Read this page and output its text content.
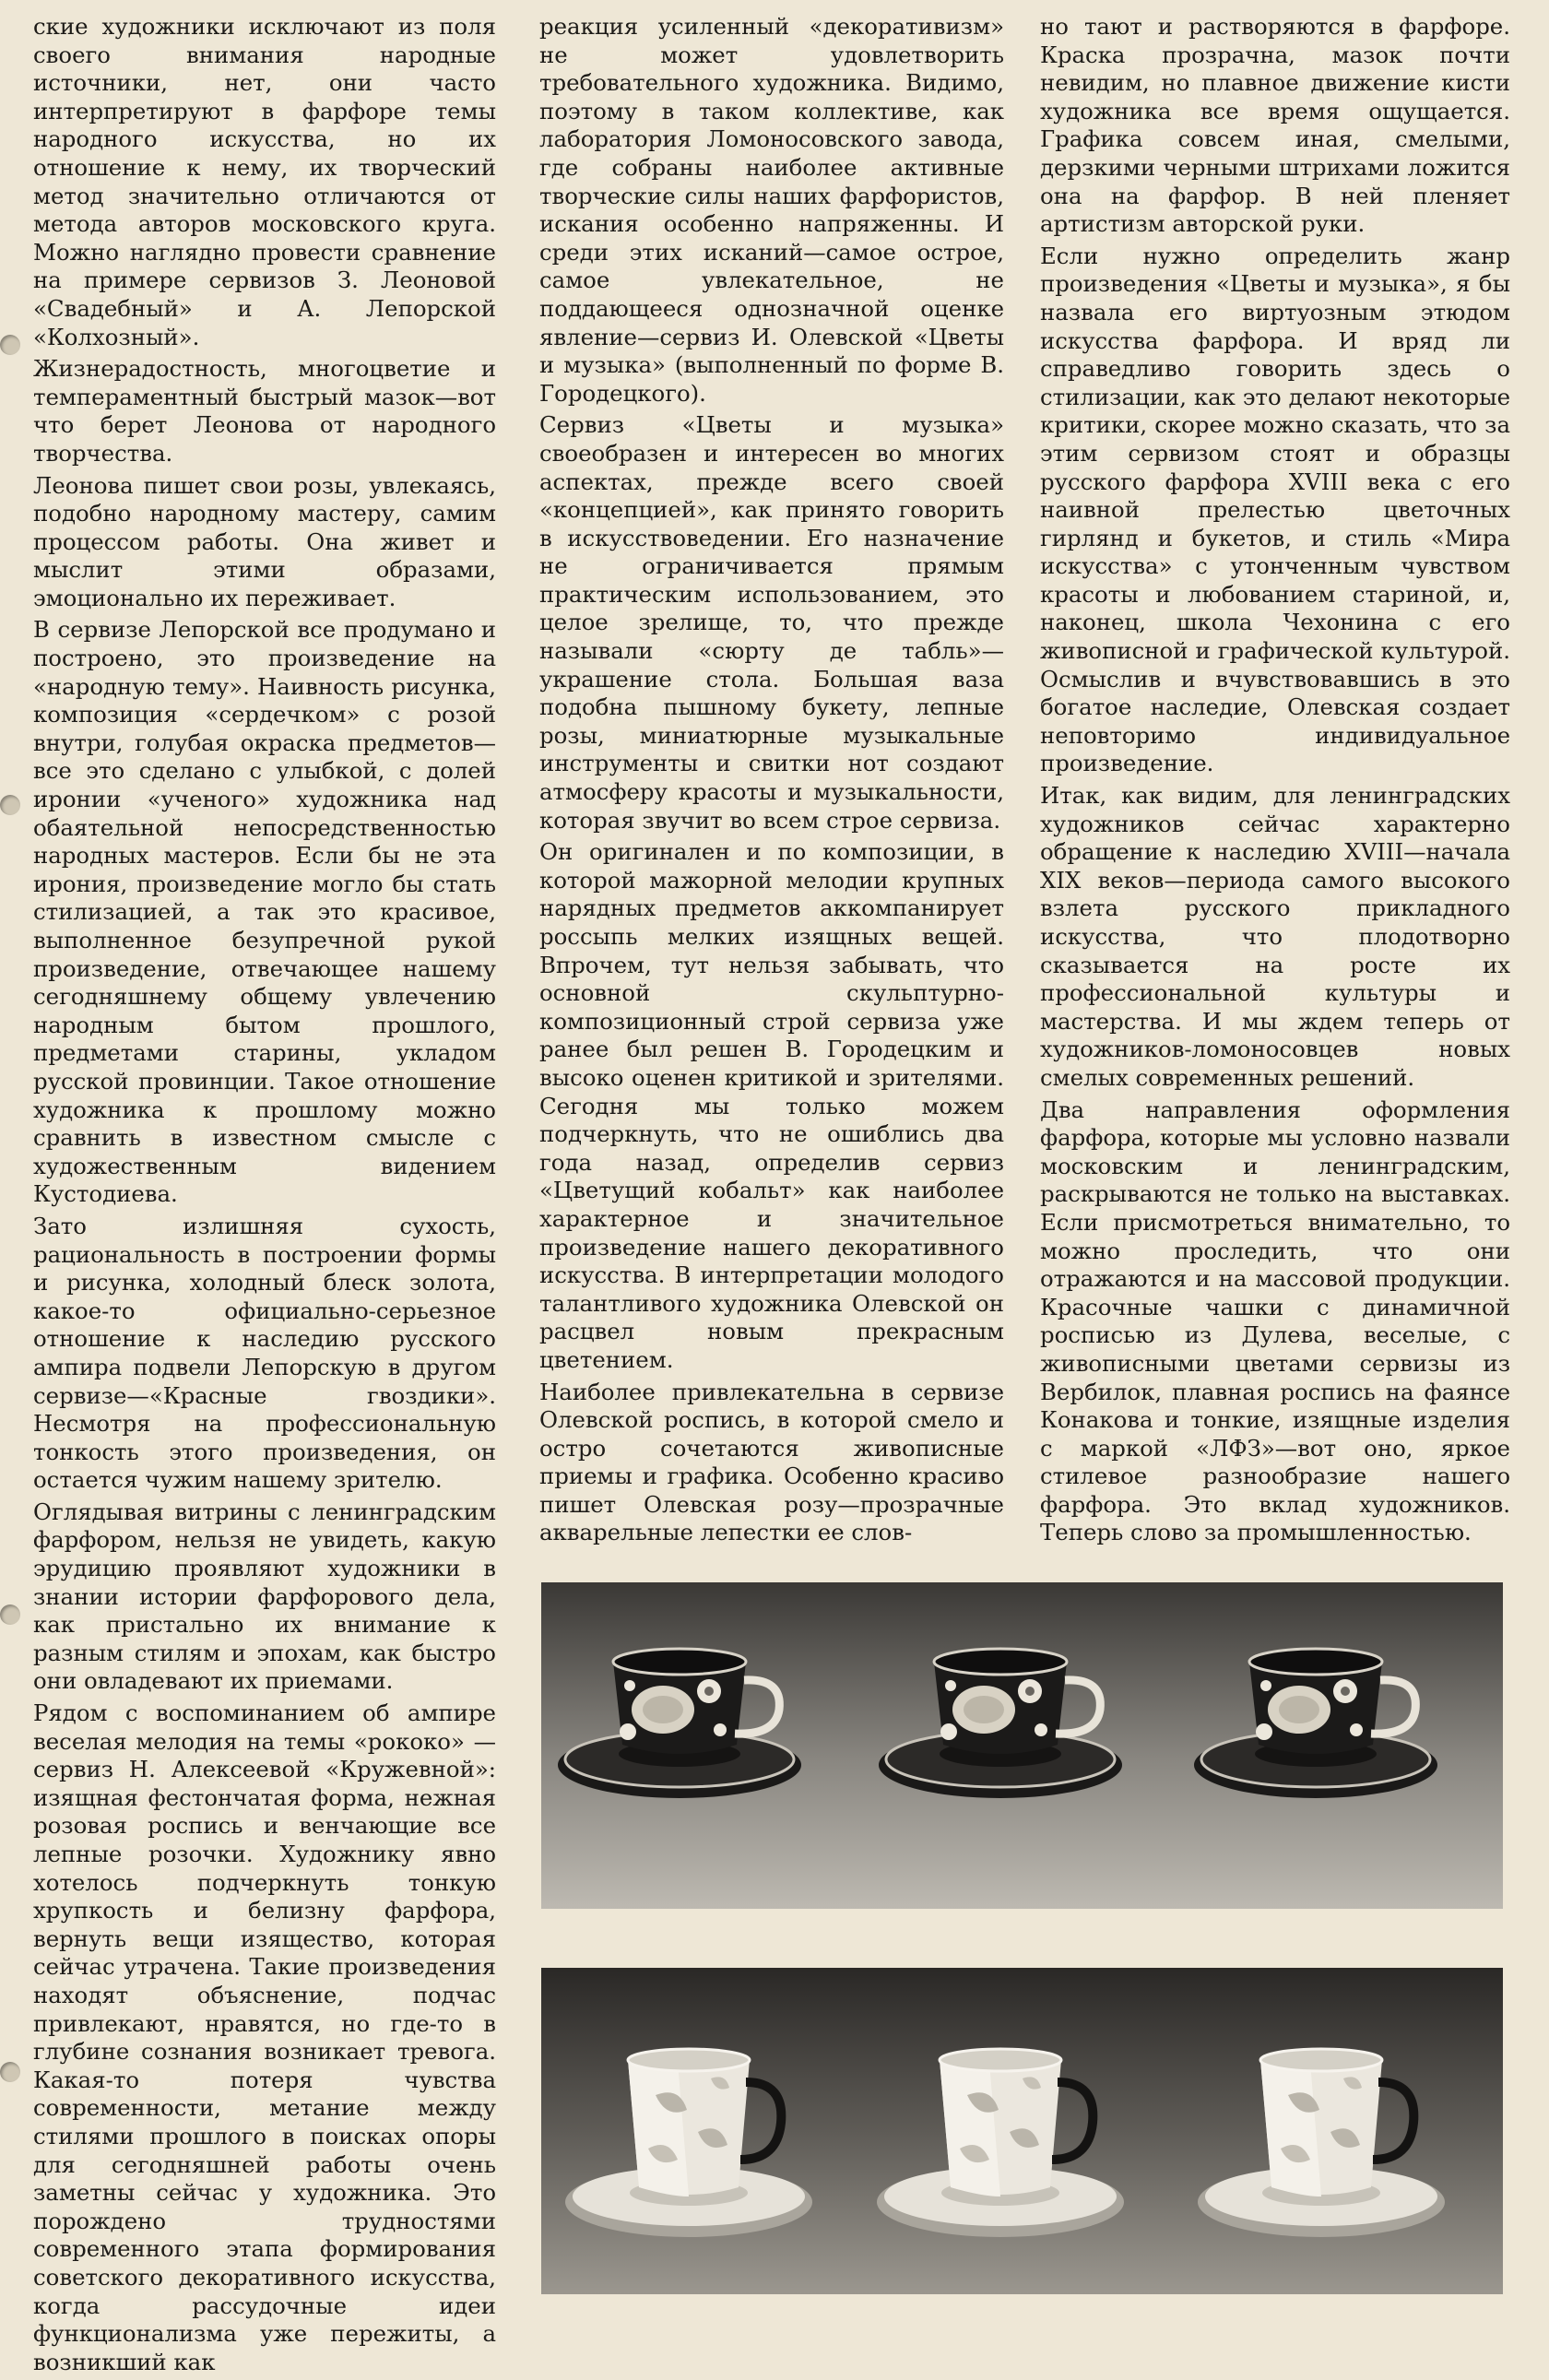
ские художники исключают из поля своего внимания народные источники, нет, они часто интерпретируют в фарфоре темы народного искусства, но их отношение к нему, их творческий метод значительно отличаются от метода авторов московского круга. Можно наглядно провести сравнение на примере сервизов З. Леоновой «Свадебный» и А. Лепорской «Колхозный».

Жизнерадостность, многоцветие и темпераментный быстрый мазок—вот что берет Леонова от народного творчества.

Леонова пишет свои розы, увлекаясь, подобно народному мастеру, самим процессом работы. Она живет и мыслит этими образами, эмоционально их переживает.

В сервизе Лепорской все продумано и построено, это произведение на «народную тему». Наивность рисунка, композиция «сердечком» с розой внутри, голубая окраска предметов—все это сделано с улыбкой, с долей иронии «ученого» художника над обаятельной непосредственностью народных мастеров. Если бы не эта ирония, произведение могло бы стать стилизацией, а так это красивое, выполненное безупречной рукой произведение, отвечающее нашему сегодняшнему общему увлечению народным бытом прошлого, предметами старины, укладом русской провинции. Такое отношение художника к прошлому можно сравнить в известном смысле с художественным видением Кустодиева.

Зато излишняя сухость, рациональность в построении формы и рисунка, холодный блеск золота, какое-то официально-серьезное отношение к наследию русского ампира подвели Лепорскую в другом сервизе—«Красные гвоздики». Несмотря на профессиональную тонкость этого произведения, он остается чужим нашему зрителю.

Оглядывая витрины с ленинградским фарфором, нельзя не увидеть, какую эрудицию проявляют художники в знании истории фарфорового дела, как пристально их внимание к разным стилям и эпохам, как быстро они овладевают их приемами.

Рядом с воспоминанием об ампире веселая мелодия на темы «рококо» — сервиз Н. Алексеевой «Кружевной»: изящная фестончатая форма, нежная розовая роспись и венчающие все лепные розочки. Художнику явно хотелось подчеркнуть тонкую хрупкость и белизну фарфора, вернуть вещи изящество, которая сейчас утрачена. Такие произведения находят объяснение, подчас привлекают, нравятся, но где-то в глубине сознания возникает тревога. Какая-то потеря чувства современности, метание между стилями прошлого в поисках опоры для сегодняшней работы очень заметны сейчас у художника. Это порождено трудностями современного этапа формирования советского декоративного искусства, когда рассудочные идеи функционализма уже пережиты, а возникший как

реакция усиленный «декоративизм» не может удовлетворить требовательного художника. Видимо, поэтому в таком коллективе, как лаборатория Ломоносовского завода, где собраны наиболее активные творческие силы наших фарфористов, искания особенно напряженны. И среди этих исканий—самое острое, самое увлекательное, не поддающееся однозначной оценке явление—сервиз И. Олевской «Цветы и музыка» (выполненный по форме В. Городецкого).

Сервиз «Цветы и музыка» своеобразен и интересен во многих аспектах, прежде всего своей «концепцией», как принято говорить в искусствоведении. Его назначение не ограничивается прямым практическим использованием, это целое зрелище, то, что прежде называли «сюрту де табль»—украшение стола. Большая ваза подобна пышному букету, лепные розы, миниатюрные музыкальные инструменты и свитки нот создают атмосферу красоты и музыкальности, которая звучит во всем строе сервиза.

Он оригинален и по композиции, в которой мажорной мелодии крупных нарядных предметов аккомпанирует россыпь мелких изящных вещей. Впрочем, тут нельзя забывать, что основной скульптурно-композиционный строй сервиза уже ранее был решен В. Городецким и высоко оценен критикой и зрителями. Сегодня мы только можем подчеркнуть, что не ошиблись два года назад, определив сервиз «Цветущий кобальт» как наиболее характерное и значительное произведение нашего декоративного искусства. В интерпретации молодого талантливого художника Олевской он расцвел новым прекрасным цветением.

Наиболее привлекательна в сервизе Олевской роспись, в которой смело и остро сочетаются живописные приемы и графика. Особенно красиво пишет Олевская розу—прозрачные акварельные лепестки ее слов-

но тают и растворяются в фарфоре. Краска прозрачна, мазок почти невидим, но плавное движение кисти художника все время ощущается. Графика совсем иная, смелыми, дерзкими черными штрихами ложится она на фарфор. В ней пленяет артистизм авторской руки.

Если нужно определить жанр произведения «Цветы и музыка», я бы назвала его виртуозным этюдом искусства фарфора. И вряд ли справедливо говорить здесь о стилизации, как это делают некоторые критики, скорее можно сказать, что за этим сервизом стоят и образцы русского фарфора XVIII века с его наивной прелестью цветочных гирлянд и букетов, и стиль «Мира искусства» с утонченным чувством красоты и любованием стариной, и, наконец, школа Чехонина с его живописной и графической культурой. Осмыслив и вчувствовавшись в это богатое наследие, Олевская создает неповторимо индивидуальное произведение.

Итак, как видим, для ленинградских художников сейчас характерно обращение к наследию XVIII—начала XIX веков—периода самого высокого взлета русского прикладного искусства, что плодотворно сказывается на росте их профессиональной культуры и мастерства. И мы ждем теперь от художников-ломоносовцев новых смелых современных решений.

Два направления оформления фарфора, которые мы условно назвали московским и ленинградским, раскрываются не только на выставках. Если присмотреться внимательно, то можно проследить, что они отражаются и на массовой продукции. Красочные чашки с динамичной росписью из Дулева, веселые, с живописными цветами сервизы из Вербилок, плавная роспись на фаянсе Конакова и тонкие, изящные изделия с маркой «ЛФЗ»—вот оно, яркое стилевое разнообразие нашего фарфора. Это вклад художников. Теперь слово за промышленностью.
